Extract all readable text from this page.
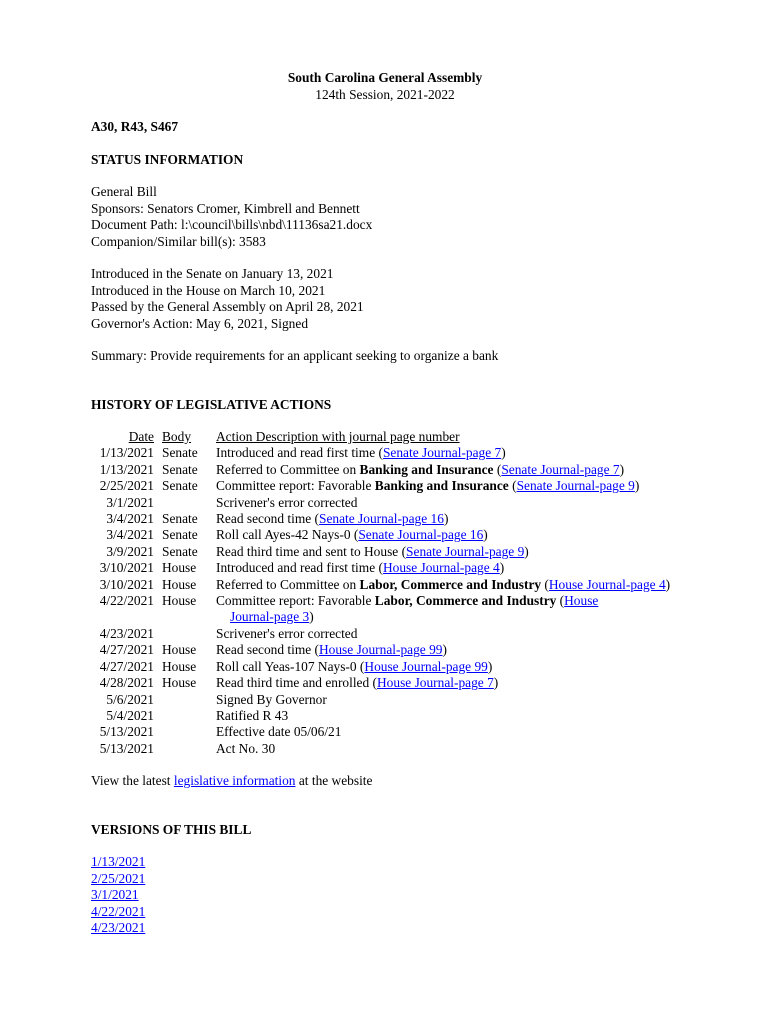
South Carolina General Assembly
124th Session, 2021-2022
A30, R43, S467
STATUS INFORMATION
General Bill
Sponsors: Senators Cromer, Kimbrell and Bennett
Document Path: l:\council\bills\nbd\11136sa21.docx
Companion/Similar bill(s): 3583
Introduced in the Senate on January 13, 2021
Introduced in the House on March 10, 2021
Passed by the General Assembly on April 28, 2021
Governor's Action: May 6, 2021, Signed
Summary: Provide requirements for an applicant seeking to organize a bank
HISTORY OF LEGISLATIVE ACTIONS
Date	Body	Action Description with journal page number
1/13/2021	Senate	Introduced and read first time (Senate Journal-page 7)
1/13/2021	Senate	Referred to Committee on Banking and Insurance (Senate Journal-page 7)
2/25/2021	Senate	Committee report: Favorable Banking and Insurance (Senate Journal-page 9)
3/1/2021		Scrivener's error corrected
3/4/2021	Senate	Read second time (Senate Journal-page 16)
3/4/2021	Senate	Roll call Ayes-42 Nays-0 (Senate Journal-page 16)
3/9/2021	Senate	Read third time and sent to House (Senate Journal-page 9)
3/10/2021	House	Introduced and read first time (House Journal-page 4)
3/10/2021	House	Referred to Committee on Labor, Commerce and Industry (House Journal-page 4)
4/22/2021	House	Committee report: Favorable Labor, Commerce and Industry (House
Journal-page 3)
4/23/2021		Scrivener's error corrected
4/27/2021	House	Read second time (House Journal-page 99)
4/27/2021	House	Roll call Yeas-107 Nays-0 (House Journal-page 99)
4/28/2021	House	Read third time and enrolled (House Journal-page 7)
5/6/2021		Signed By Governor
5/4/2021		Ratified R 43
5/13/2021		Effective date 05/06/21
5/13/2021		Act No. 30
View the latest legislative information at the website
VERSIONS OF THIS BILL
1/13/2021
2/25/2021
3/1/2021
4/22/2021
4/23/2021
